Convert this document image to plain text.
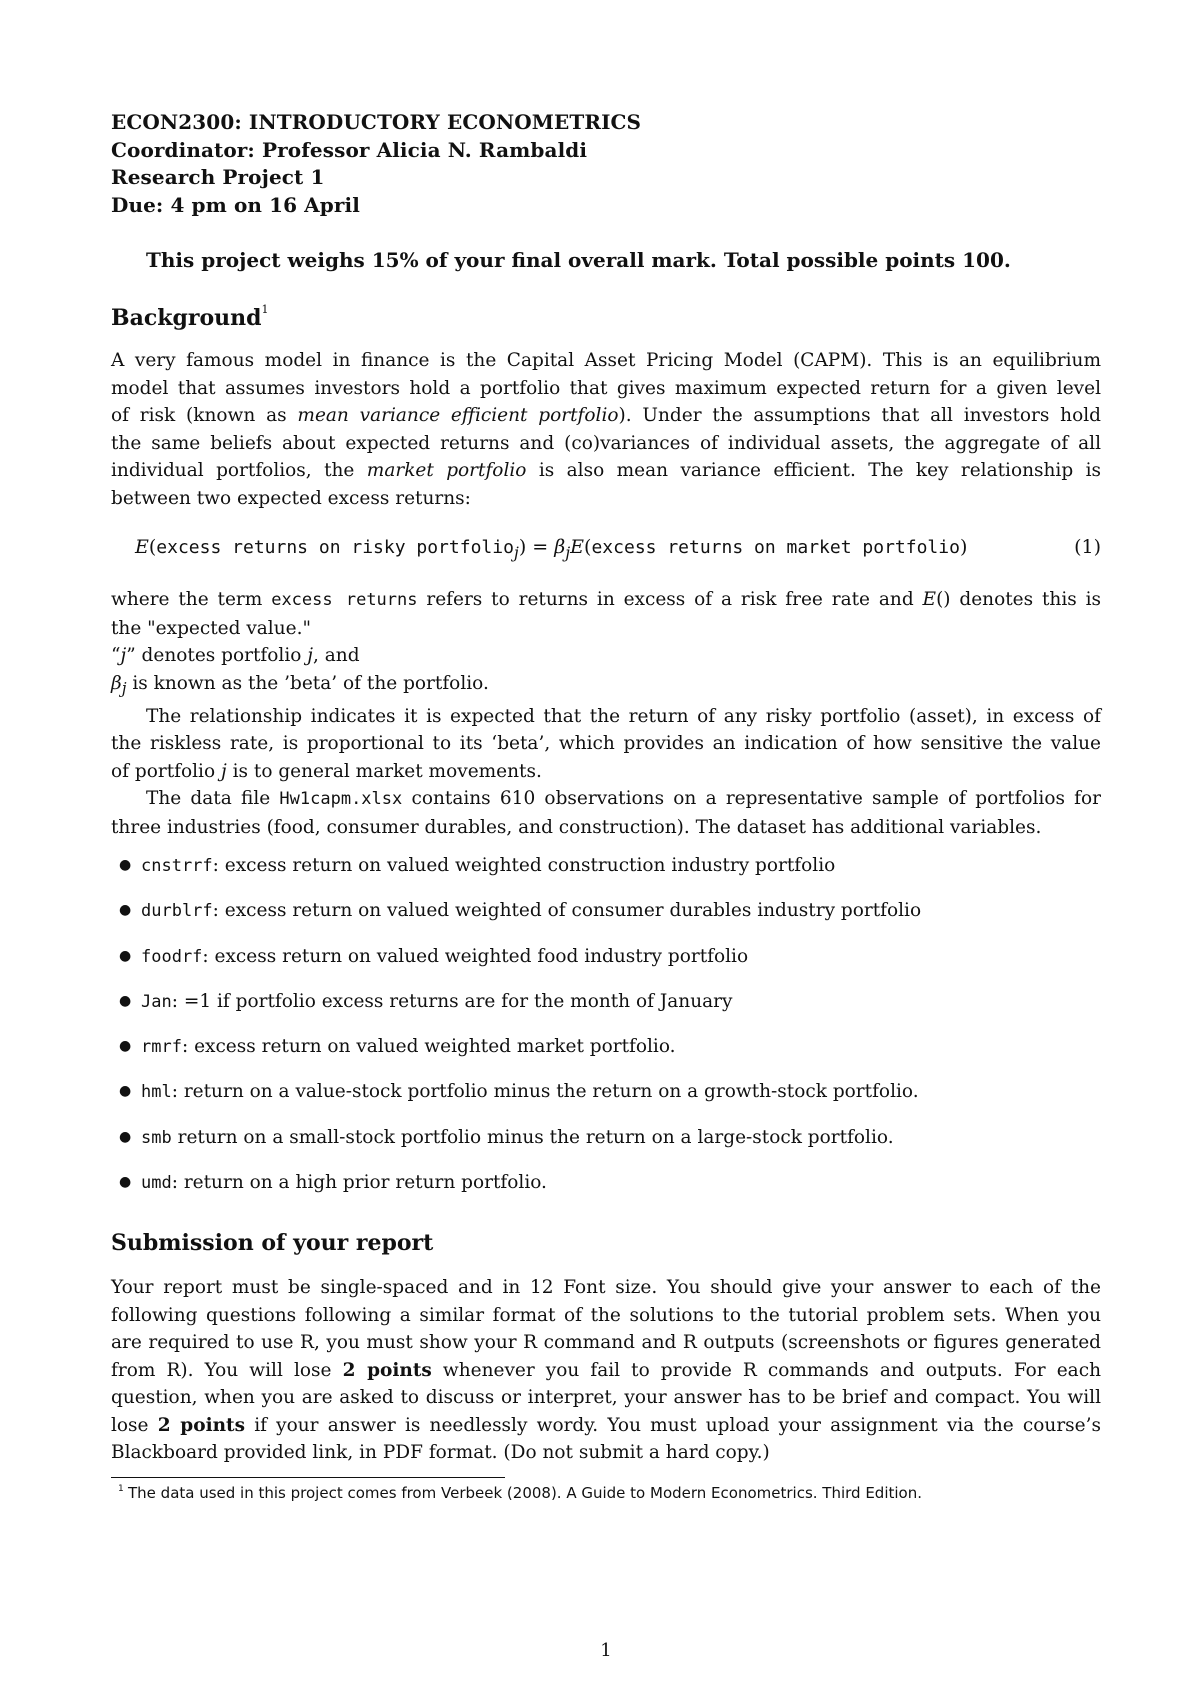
ECON2300: INTRODUCTORY ECONOMETRICS
Coordinator: Professor Alicia N. Rambaldi
Research Project 1
Due: 4 pm on 16 April
This project weighs 15% of your final overall mark. Total possible points 100.
Background$^1$
A very famous model in finance is the Capital Asset Pricing Model (CAPM). This is an equilibrium
model that assumes investors hold a portfolio that gives maximum expected return for a given level
of risk (known as mean variance efficient portfolio). Under the assumptions that all investors hold
the same beliefs about expected returns and (co)variances of individual assets, the aggregate of all
individual portfolios, the market portfolio is also mean variance efficient. The key relationship is
between two expected excess returns:
E(excess returns on risky portfolio$_j$) = $\beta_jE(excess$ returns on market portfolio)	(1)
where the term excess returns refers to returns in excess of a risk free rate and E() denotes this is
the "expected value."
“j” denotes portfolio j, and
$\beta_j$ is known as the ’beta’ of the portfolio.
The relationship indicates it is expected that the return of any risky portfolio (asset), in excess of
the riskless rate, is proportional to its ‘beta’, which provides an indication of how sensitive the value
of portfolio j is to general market movements.
The data file Hw1capm.xlsx contains 610 observations on a representative sample of portfolios for
three industries (food, consumer durables, and construction). The dataset has additional variables.
● cnstrrf: excess return on valued weighted construction industry portfolio
● durblrf: excess return on valued weighted of consumer durables industry portfolio
● foodrf: excess return on valued weighted food industry portfolio
● Jan: =1 if portfolio excess returns are for the month of January
● rmrf: excess return on valued weighted market portfolio.
● hml: return on a value-stock portfolio minus the return on a growth-stock portfolio.
● smb return on a small-stock portfolio minus the return on a large-stock portfolio.
● umd: return on a high prior return portfolio.
Submission of your report
Your report must be single-spaced and in 12 Font size. You should give your answer to each of the
following questions following a similar format of the solutions to the tutorial problem sets. When you
are required to use R, you must show your R command and R outputs (screenshots or figures generated
from R). You will lose 2 points whenever you fail to provide R commands and outputs. For each
question, when you are asked to discuss or interpret, your answer has to be brief and compact. You will
lose 2 points if your answer is needlessly wordy. You must upload your assignment via the course’s
Blackboard provided link, in PDF format. (Do not submit a hard copy.)
1 The data used in this project comes from Verbeek (2008). A Guide to Modern Econometrics. Third Edition.
1
